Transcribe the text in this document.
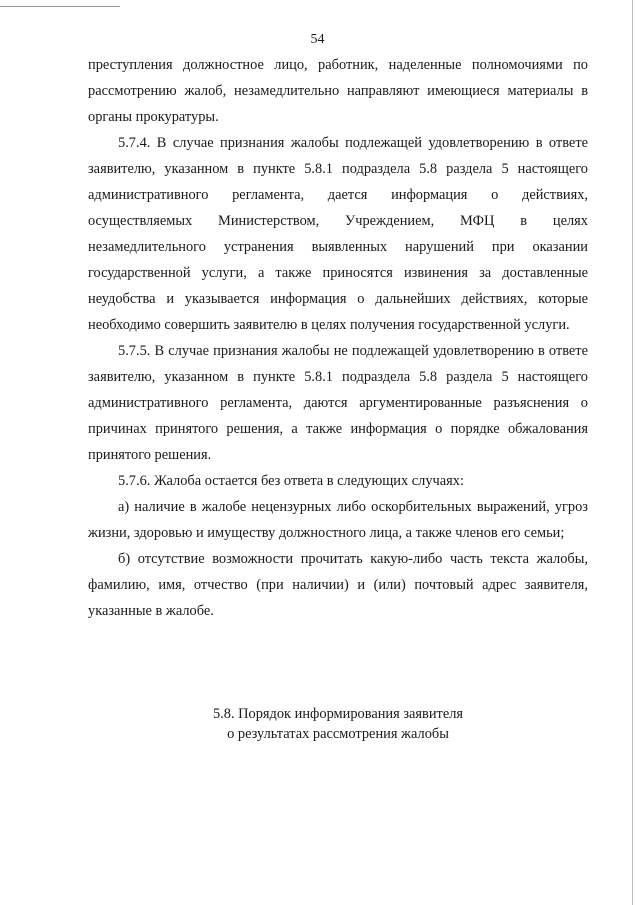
54

преступления должностное лицо, работник, наделенные полномочиями по рассмотрению жалоб, незамедлительно направляют имеющиеся материалы в органы прокуратуры.

5.7.4. В случае признания жалобы подлежащей удовлетворению в ответе заявителю, указанном в пункте 5.8.1 подраздела 5.8 раздела 5 настоящего административного регламента, дается информация о действиях, осуществляемых Министерством, Учреждением, МФЦ в целях незамедлительного устранения выявленных нарушений при оказании государственной услуги, а также приносятся извинения за доставленные неудобства и указывается информация о дальнейших действиях, которые необходимо совершить заявителю в целях получения государственной услуги.

5.7.5. В случае признания жалобы не подлежащей удовлетворению в ответе заявителю, указанном в пункте 5.8.1 подраздела 5.8 раздела 5 настоящего административного регламента, даются аргументированные разъяснения о причинах принятого решения, а также информация о порядке обжалования принятого решения.

5.7.6. Жалоба остается без ответа в следующих случаях:

а) наличие в жалобе нецензурных либо оскорбительных выражений, угроз жизни, здоровью и имуществу должностного лица, а также членов его семьи;

б) отсутствие возможности прочитать какую-либо часть текста жалобы, фамилию, имя, отчество (при наличии) и (или) почтовый адрес заявителя, указанные в жалобе.

5.8. Порядок информирования заявителя
о результатах рассмотрения жалобы
